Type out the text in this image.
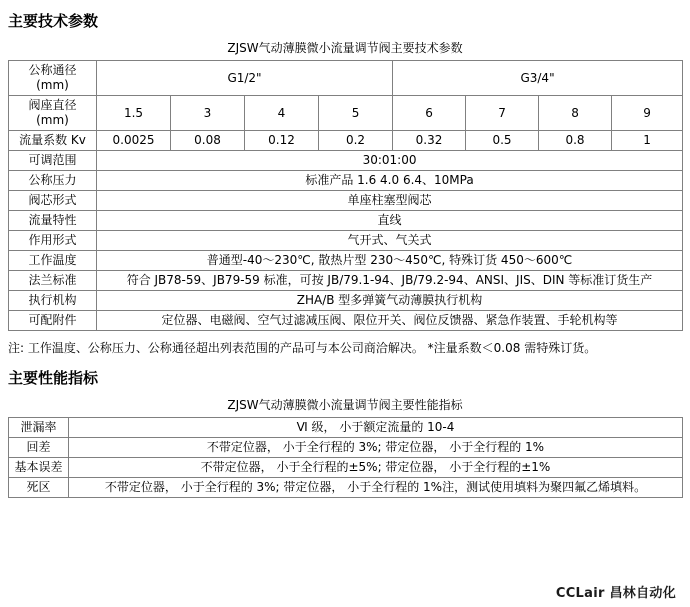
主要技术参数
ZJSW气动薄膜微小流量调节阀主要技术参数
公称通径
(mm)	G1/2"				G3/4"			
阀座直径
(mm)	1.5	3	4	5	6	7	8	9
流量系数 Kv	0.0025	0.08	0.12	0.2	0.32	0.5	0.8	1
可调范围	30:01:00							
公称压力	标准产品 1.6 4.0 6.4、10MPa							
阀芯形式	单座柱塞型阀芯							
流量特性	直线							
作用形式	气开式、气关式							
工作温度	普通型-40～230℃, 散热片型 230～450℃, 特殊订货 450～600℃							
法兰标准	符合 JB78-59、JB79-59 标准，可按 JB/79.1-94、JB/79.2-94、ANSI、JIS、DIN 等标准订货生产							
执行机构	ZHA/B 型多弹簧气动薄膜执行机构							
可配附件	定位器、电磁阀、空气过滤减压阀、限位开关、阀位反馈器、紧急作装置、手轮机构等							
注: 工作温度、公称压力、公称通径超出列表范围的产品可与本公司商洽解决。 *注量系数＜0.08 需特殊订货。
主要性能指标
ZJSW气动薄膜微小流量调节阀主要性能指标
泄漏率	Ⅵ 级， 小于额定流量的 10-4
回差	不带定位器， 小于全行程的 3%; 带定位器， 小于全行程的 1%
基本误差	不带定位器， 小于全行程的±5%; 带定位器， 小于全行程的±1%
死区	不带定位器， 小于全行程的 3%; 带定位器， 小于全行程的 1%注，测试使用填料为聚四氟乙烯填料。
CCLair 昌林自动化
